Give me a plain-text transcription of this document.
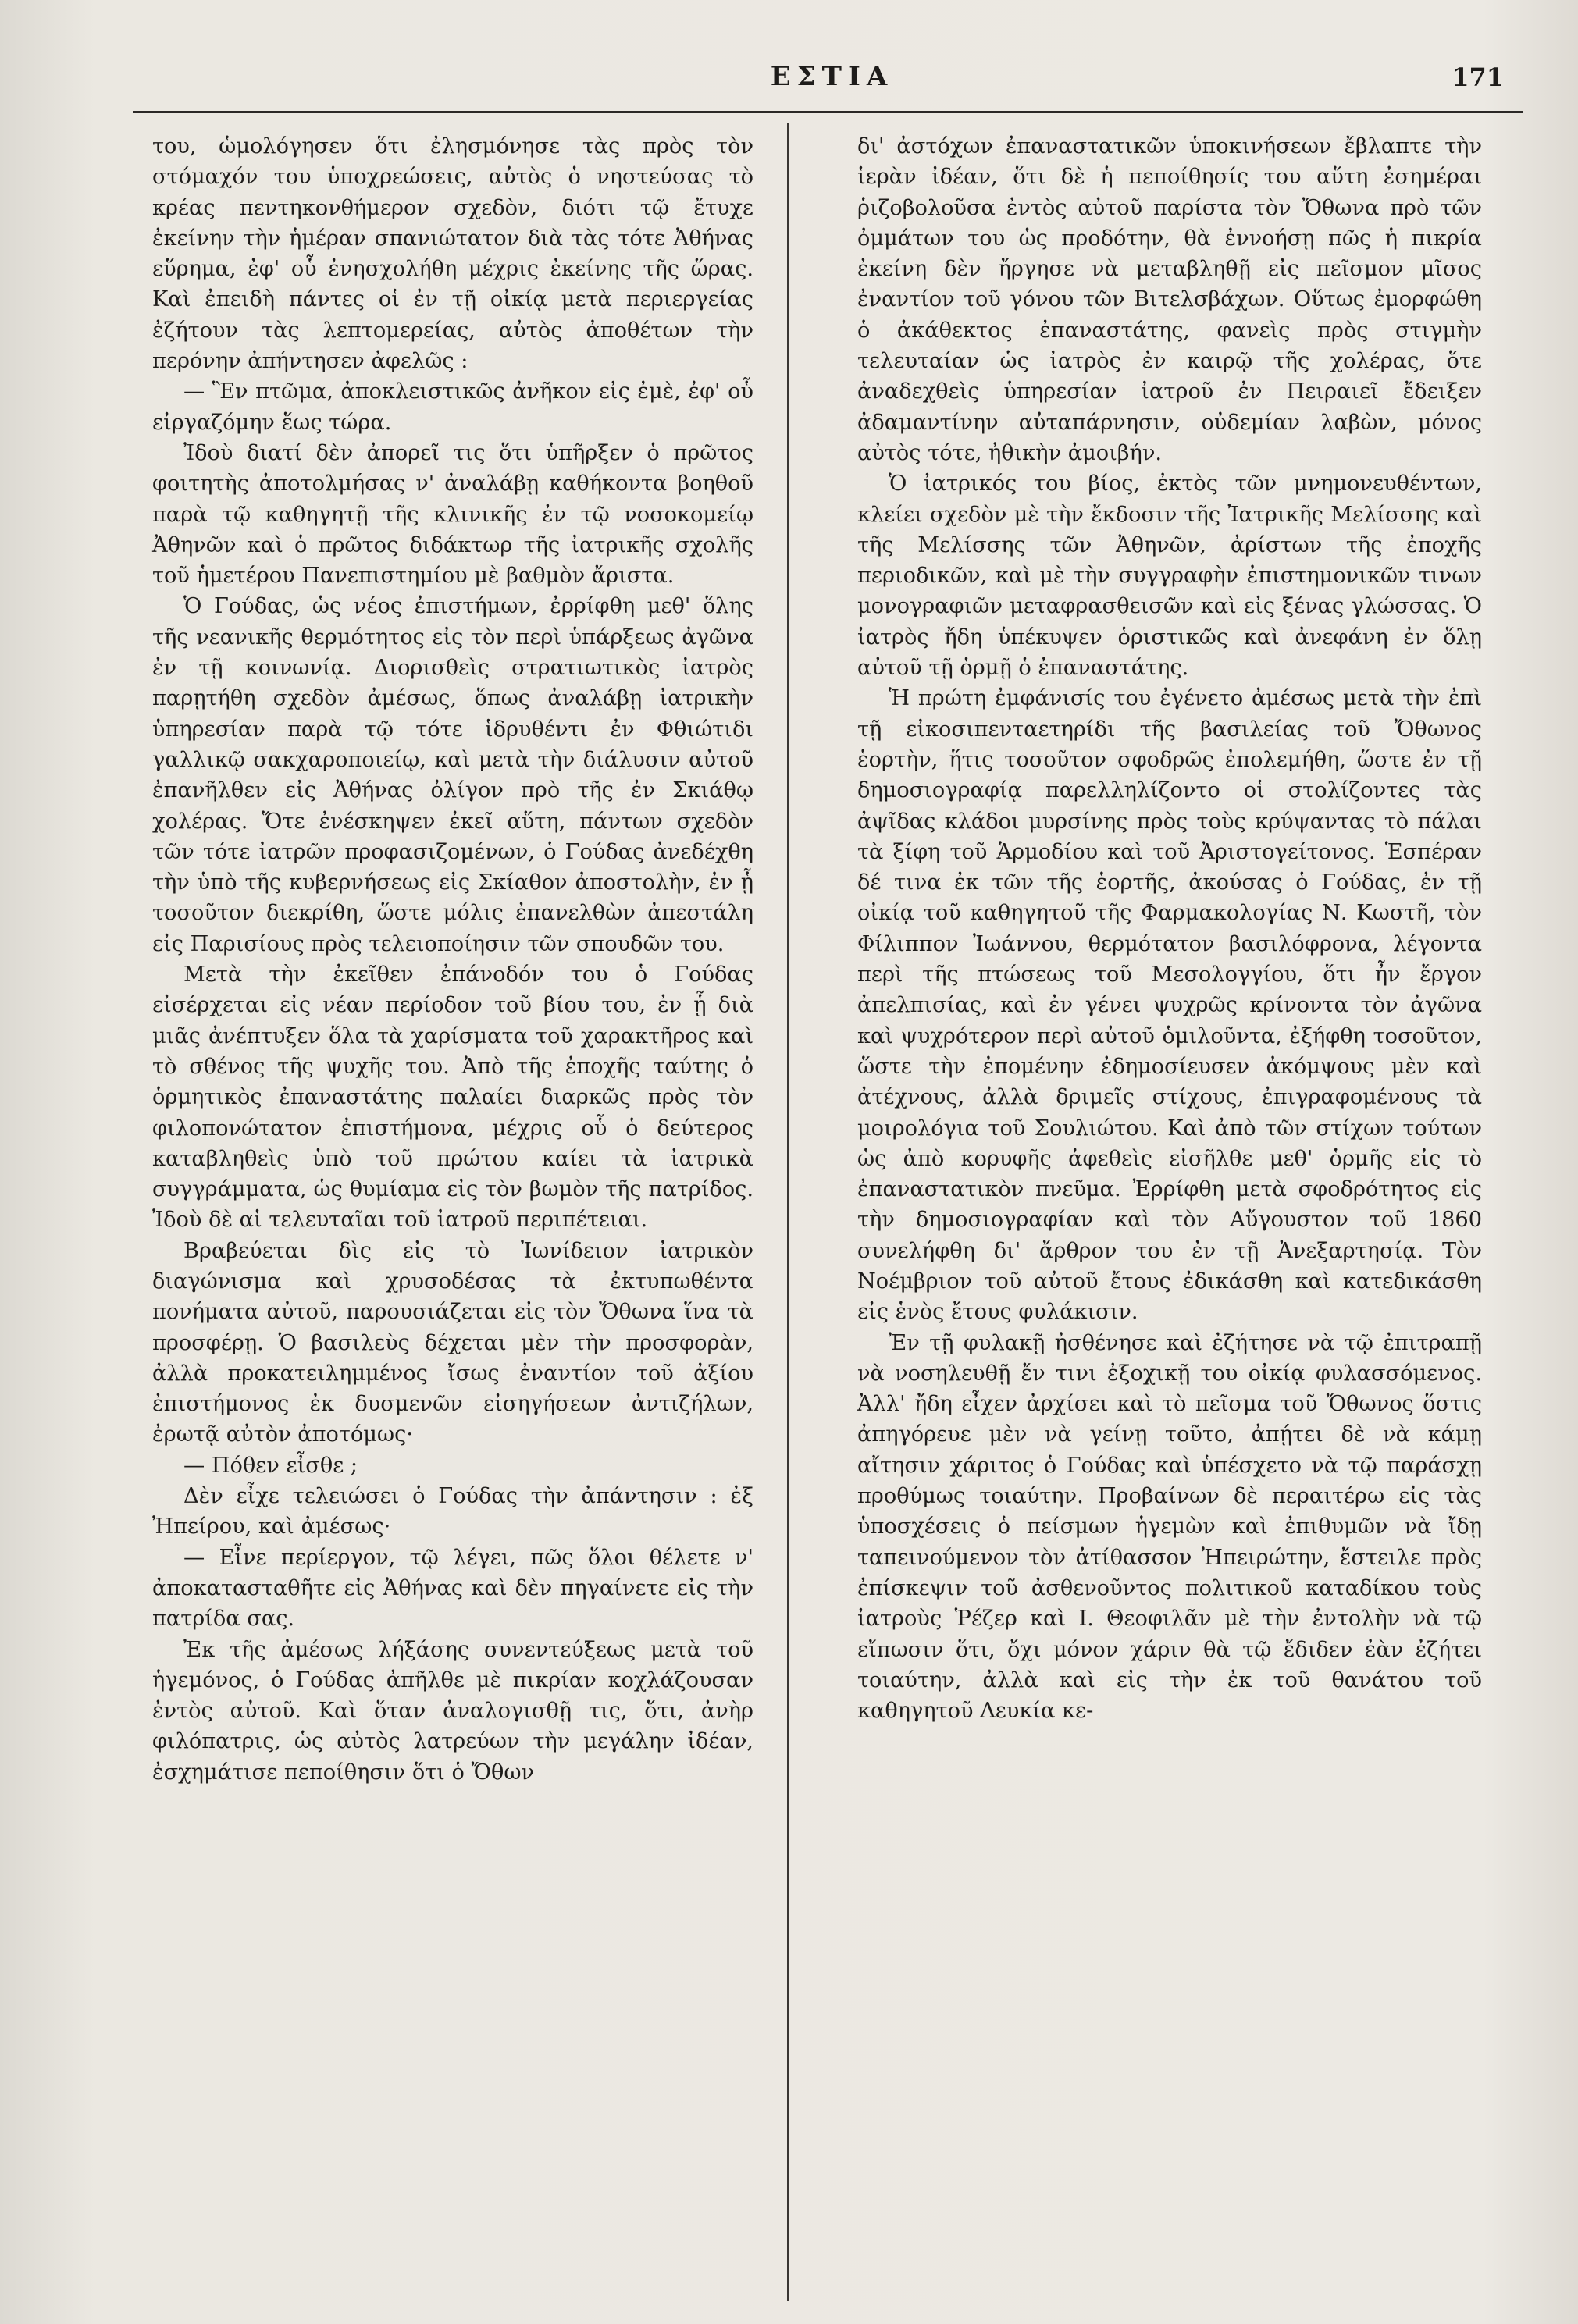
ΕΣΤΙΑ	171

του, ὡμολόγησεν ὅτι ἐλησμόνησε τὰς πρὸς τὸν στόμαχόν του ὑποχρεώσεις, αὐτὸς ὁ νηστεύσας τὸ κρέας πεντηκονθήμερον σχεδὸν, διότι τῷ ἔτυχε ἐκείνην τὴν ἡμέραν σπανιώτατον διὰ τὰς τότε Ἀθήνας εὕρημα, ἐφ' οὗ ἐνησχολήθη μέχρις ἐκείνης τῆς ὥρας. Καὶ ἐπειδὴ πάντες οἱ ἐν τῇ οἰκίᾳ μετὰ περιεργείας ἐζήτουν τὰς λεπτομερείας, αὐτὸς ἀποθέτων τὴν περόνην ἀπήντησεν ἀφελῶς :

— Ἓν πτῶμα, ἀποκλειστικῶς ἀνῆκον εἰς ἐμὲ, ἐφ' οὗ εἰργαζόμην ἕως τώρα.

Ἰδοὺ διατί δὲν ἀπορεῖ τις ὅτι ὑπῆρξεν ὁ πρῶτος φοιτητὴς ἀποτολμήσας ν' ἀναλάβῃ καθήκοντα βοηθοῦ παρὰ τῷ καθηγητῇ τῆς κλινικῆς ἐν τῷ νοσοκομείῳ Ἀθηνῶν καὶ ὁ πρῶτος διδάκτωρ τῆς ἰατρικῆς σχολῆς τοῦ ἡμετέρου Πανεπιστημίου μὲ βαθμὸν ἄριστα.

Ὁ Γούδας, ὡς νέος ἐπιστήμων, ἐρρίφθη μεθ' ὅλης τῆς νεανικῆς θερμότητος εἰς τὸν περὶ ὑπάρξεως ἀγῶνα ἐν τῇ κοινωνίᾳ. Διορισθεὶς στρατιωτικὸς ἰατρὸς παρῃτήθη σχεδὸν ἀμέσως, ὅπως ἀναλάβῃ ἰατρικὴν ὑπηρεσίαν παρὰ τῷ τότε ἱδρυθέντι ἐν Φθιώτιδι γαλλικῷ σακχαροποιείῳ, καὶ μετὰ τὴν διάλυσιν αὐτοῦ ἐπανῆλθεν εἰς Ἀθήνας ὀλίγον πρὸ τῆς ἐν Σκιάθῳ χολέρας. Ὅτε ἐνέσκηψεν ἐκεῖ αὕτη, πάντων σχεδὸν τῶν τότε ἰατρῶν προφασιζομένων, ὁ Γούδας ἀνεδέχθη τὴν ὑπὸ τῆς κυβερνήσεως εἰς Σκίαθον ἀποστολὴν, ἐν ᾗ τοσοῦτον διεκρίθη, ὥστε μόλις ἐπανελθὼν ἀπεστάλη εἰς Παρισίους πρὸς τελειοποίησιν τῶν σπουδῶν του.

Μετὰ τὴν ἐκεῖθεν ἐπάνοδόν του ὁ Γούδας εἰσέρχεται εἰς νέαν περίοδον τοῦ βίου του, ἐν ᾗ διὰ μιᾶς ἀνέπτυξεν ὅλα τὰ χαρίσματα τοῦ χαρακτῆρος καὶ τὸ σθένος τῆς ψυχῆς του. Ἀπὸ τῆς ἐποχῆς ταύτης ὁ ὁρμητικὸς ἐπαναστάτης παλαίει διαρκῶς πρὸς τὸν φιλοπονώτατον ἐπιστήμονα, μέχρις οὗ ὁ δεύτερος καταβληθεὶς ὑπὸ τοῦ πρώτου καίει τὰ ἰατρικὰ συγγράμματα, ὡς θυμίαμα εἰς τὸν βωμὸν τῆς πατρίδος. Ἰδοὺ δὲ αἱ τελευταῖαι τοῦ ἰατροῦ περιπέτειαι.

Βραβεύεται δὶς εἰς τὸ Ἰωνίδειον ἰατρικὸν διαγώνισμα καὶ χρυσοδέσας τὰ ἐκτυπωθέντα πονήματα αὐτοῦ, παρουσιάζεται εἰς τὸν Ὄθωνα ἵνα τὰ προσφέρῃ. Ὁ βασιλεὺς δέχεται μὲν τὴν προσφορὰν, ἀλλὰ προκατειλημμένος ἴσως ἐναντίον τοῦ ἀξίου ἐπιστήμονος ἐκ δυσμενῶν εἰσηγήσεων ἀντιζήλων, ἐρωτᾷ αὐτὸν ἀποτόμως·

— Πόθεν εἶσθε ;

Δὲν εἶχε τελειώσει ὁ Γούδας τὴν ἀπάντησιν : ἐξ Ἠπείρου, καὶ ἀμέσως·

— Εἶνε περίεργον, τῷ λέγει, πῶς ὅλοι θέλετε ν' ἀποκατασταθῆτε εἰς Ἀθήνας καὶ δὲν πηγαίνετε εἰς τὴν πατρίδα σας.

Ἐκ τῆς ἀμέσως λήξάσης συνεντεύξεως μετὰ τοῦ ἡγεμόνος, ὁ Γούδας ἀπῆλθε μὲ πικρίαν κοχλάζουσαν ἐντὸς αὐτοῦ. Καὶ ὅταν ἀναλογισθῇ τις, ὅτι, ἀνὴρ φιλόπατρις, ὡς αὐτὸς λατρεύων τὴν μεγάλην ἰδέαν, ἐσχημάτισε πεποίθησιν ὅτι ὁ Ὄθων

δι' ἀστόχων ἐπαναστατικῶν ὑποκινήσεων ἔβλαπτε τὴν ἱερὰν ἰδέαν, ὅτι δὲ ἡ πεποίθησίς του αὕτη ἐσημέραι ῥιζοβολοῦσα ἐντὸς αὐτοῦ παρίστα τὸν Ὄθωνα πρὸ τῶν ὀμμάτων του ὡς προδότην, θὰ ἐννοήσῃ πῶς ἡ πικρία ἐκείνη δὲν ἤργησε νὰ μεταβληθῇ εἰς πεῖσμον μῖσος ἐναντίον τοῦ γόνου τῶν Βιτελσβάχων. Οὕτως ἐμορφώθη ὁ ἀκάθεκτος ἐπαναστάτης, φανεὶς πρὸς στιγμὴν τελευταίαν ὡς ἰατρὸς ἐν καιρῷ τῆς χολέρας, ὅτε ἀναδεχθεὶς ὑπηρεσίαν ἰατροῦ ἐν Πειραιεῖ ἔδειξεν ἀδαμαντίνην αὐταπάρνησιν, οὐδεμίαν λαβὼν, μόνος αὐτὸς τότε, ἠθικὴν ἀμοιβήν.

Ὁ ἰατρικός του βίος, ἐκτὸς τῶν μνημονευθέντων, κλείει σχεδὸν μὲ τὴν ἔκδοσιν τῆς Ἰατρικῆς Μελίσσης καὶ τῆς Μελίσσης τῶν Ἀθηνῶν, ἀρίστων τῆς ἐποχῆς περιοδικῶν, καὶ μὲ τὴν συγγραφὴν ἐπιστημονικῶν τινων μονογραφιῶν μεταφρασθεισῶν καὶ εἰς ξένας γλώσσας. Ὁ ἰατρὸς ἤδη ὑπέκυψεν ὁριστικῶς καὶ ἀνεφάνη ἐν ὅλῃ αὐτοῦ τῇ ὁρμῇ ὁ ἐπαναστάτης.

Ἡ πρώτη ἐμφάνισίς του ἐγένετο ἀμέσως μετὰ τὴν ἐπὶ τῇ εἰκοσιπενταετηρίδι τῆς βασιλείας τοῦ Ὄθωνος ἑορτὴν, ἥτις τοσοῦτον σφοδρῶς ἐπολεμήθη, ὥστε ἐν τῇ δημοσιογραφίᾳ παρελληλίζοντο οἱ στολίζοντες τὰς ἀψῖδας κλάδοι μυρσίνης πρὸς τοὺς κρύψαντας τὸ πάλαι τὰ ξίφη τοῦ Ἁρμοδίου καὶ τοῦ Ἀριστογείτονος. Ἑσπέραν δέ τινα ἐκ τῶν τῆς ἑορτῆς, ἀκούσας ὁ Γούδας, ἐν τῇ οἰκίᾳ τοῦ καθηγητοῦ τῆς Φαρμακολογίας Ν. Κωστῆ, τὸν Φίλιππον Ἰωάννου, θερμότατον βασιλόφρονα, λέγοντα περὶ τῆς πτώσεως τοῦ Μεσολογγίου, ὅτι ἦν ἔργον ἀπελπισίας, καὶ ἐν γένει ψυχρῶς κρίνοντα τὸν ἀγῶνα καὶ ψυχρότερον περὶ αὐτοῦ ὁμιλοῦντα, ἐξήφθη τοσοῦτον, ὥστε τὴν ἐπομένην ἐδημοσίευσεν ἀκόμψους μὲν καὶ ἀτέχνους, ἀλλὰ δριμεῖς στίχους, ἐπιγραφομένους τὰ μοιρολόγια τοῦ Σουλιώτου. Καὶ ἀπὸ τῶν στίχων τούτων ὡς ἀπὸ κορυφῆς ἀφεθεὶς εἰσῆλθε μεθ' ὁρμῆς εἰς τὸ ἐπαναστατικὸν πνεῦμα. Ἐρρίφθη μετὰ σφοδρότητος εἰς τὴν δημοσιογραφίαν καὶ τὸν Αὔγουστον τοῦ 1860 συνελήφθη δι' ἄρθρον του ἐν τῇ Ἀνεξαρτησίᾳ. Τὸν Νοέμβριον τοῦ αὐτοῦ ἔτους ἐδικάσθη καὶ κατεδικάσθη εἰς ἑνὸς ἔτους φυλάκισιν.

Ἐν τῇ φυλακῇ ἠσθένησε καὶ ἐζήτησε νὰ τῷ ἐπιτραπῇ νὰ νοσηλευθῇ ἔν τινι ἐξοχικῇ του οἰκίᾳ φυλασσόμενος. Ἀλλ' ἤδη εἶχεν ἀρχίσει καὶ τὸ πεῖσμα τοῦ Ὄθωνος ὅστις ἀπηγόρευε μὲν νὰ γείνῃ τοῦτο, ἀπῄτει δὲ νὰ κάμῃ αἴτησιν χάριτος ὁ Γούδας καὶ ὑπέσχετο νὰ τῷ παράσχῃ προθύμως τοιαύτην. Προβαίνων δὲ περαιτέρω εἰς τὰς ὑποσχέσεις ὁ πείσμων ἡγεμὼν καὶ ἐπιθυμῶν νὰ ἴδῃ ταπεινούμενον τὸν ἀτίθασσον Ἠπειρώτην, ἔστειλε πρὸς ἐπίσκεψιν τοῦ ἀσθενοῦντος πολιτικοῦ καταδίκου τοὺς ἰατροὺς Ῥέζερ καὶ Ι. Θεοφιλᾶν μὲ τὴν ἐντολὴν νὰ τῷ εἴπωσιν ὅτι, ὄχι μόνον χάριν θὰ τῷ ἔδιδεν ἐὰν ἐζήτει τοιαύτην, ἀλλὰ καὶ εἰς τὴν ἐκ τοῦ θανάτου τοῦ καθηγητοῦ Λευκία κε-
